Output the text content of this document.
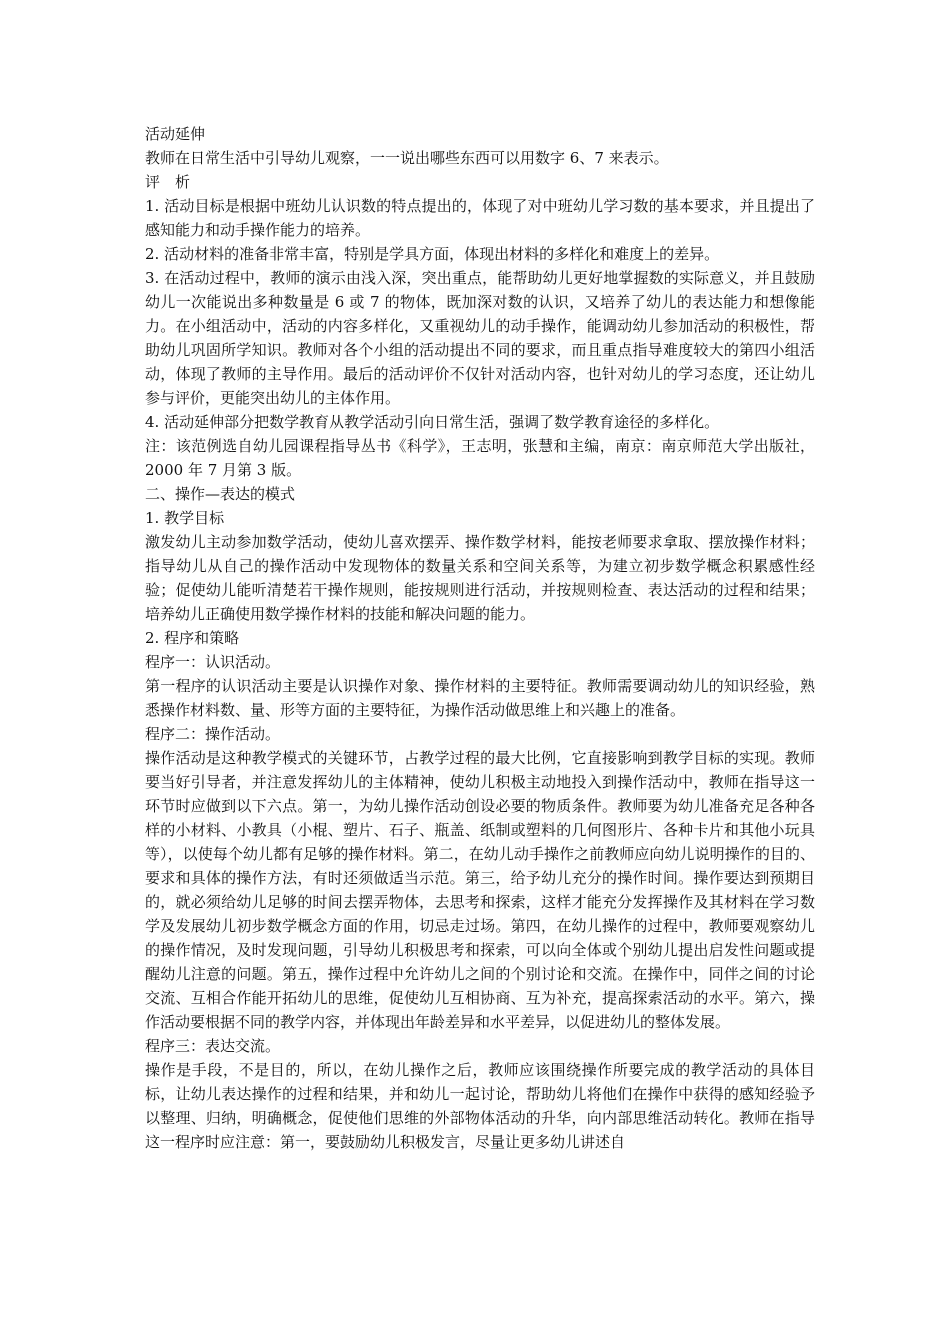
活动延伸

教师在日常生活中引导幼儿观察，一一说出哪些东西可以用数字 6、7 来表示。

评　析

1. 活动目标是根据中班幼儿认识数的特点提出的，体现了对中班幼儿学习数的基本要求，并且提出了感知能力和动手操作能力的培养。

2. 活动材料的准备非常丰富，特别是学具方面，体现出材料的多样化和难度上的差异。

3. 在活动过程中，教师的演示由浅入深，突出重点，能帮助幼儿更好地掌握数的实际意义，并且鼓励幼儿一次能说出多种数量是 6 或 7 的物体，既加深对数的认识，又培养了幼儿的表达能力和想像能力。在小组活动中，活动的内容多样化，又重视幼儿的动手操作，能调动幼儿参加活动的积极性，帮助幼儿巩固所学知识。教师对各个小组的活动提出不同的要求，而且重点指导难度较大的第四小组活动，体现了教师的主导作用。最后的活动评价不仅针对活动内容，也针对幼儿的学习态度，还让幼儿参与评价，更能突出幼儿的主体作用。

4. 活动延伸部分把数学教育从教学活动引向日常生活，强调了数学教育途径的多样化。

注：该范例选自幼儿园课程指导丛书《科学》，王志明，张慧和主编，南京：南京师范大学出版社，2000 年 7 月第 3 版。

二、操作—表达的模式

1. 教学目标

激发幼儿主动参加数学活动，使幼儿喜欢摆弄、操作数学材料，能按老师要求拿取、摆放操作材料；指导幼儿从自己的操作活动中发现物体的数量关系和空间关系等，为建立初步数学概念积累感性经验；促使幼儿能听清楚若干操作规则，能按规则进行活动，并按规则检查、表达活动的过程和结果；培养幼儿正确使用数学操作材料的技能和解决问题的能力。

2. 程序和策略

程序一：认识活动。

第一程序的认识活动主要是认识操作对象、操作材料的主要特征。教师需要调动幼儿的知识经验，熟悉操作材料数、量、形等方面的主要特征，为操作活动做思维上和兴趣上的准备。

程序二：操作活动。

操作活动是这种教学模式的关键环节，占教学过程的最大比例，它直接影响到教学目标的实现。教师要当好引导者，并注意发挥幼儿的主体精神，使幼儿积极主动地投入到操作活动中，教师在指导这一环节时应做到以下六点。第一，为幼儿操作活动创设必要的物质条件。教师要为幼儿准备充足各种各样的小材料、小教具（小棍、塑片、石子、瓶盖、纸制或塑料的几何图形片、各种卡片和其他小玩具等），以使每个幼儿都有足够的操作材料。第二，在幼儿动手操作之前教师应向幼儿说明操作的目的、要求和具体的操作方法，有时还须做适当示范。第三，给予幼儿充分的操作时间。操作要达到预期目的，就必须给幼儿足够的时间去摆弄物体，去思考和探索，这样才能充分发挥操作及其材料在学习数学及发展幼儿初步数学概念方面的作用，切忌走过场。第四，在幼儿操作的过程中，教师要观察幼儿的操作情况，及时发现问题，引导幼儿积极思考和探索，可以向全体或个别幼儿提出启发性问题或提醒幼儿注意的问题。第五，操作过程中允许幼儿之间的个别讨论和交流。在操作中，同伴之间的讨论交流、互相合作能开拓幼儿的思维，促使幼儿互相协商、互为补充，提高探索活动的水平。第六，操作活动要根据不同的教学内容，并体现出年龄差异和水平差异，以促进幼儿的整体发展。

程序三：表达交流。

操作是手段，不是目的，所以，在幼儿操作之后，教师应该围绕操作所要完成的教学活动的具体目标，让幼儿表达操作的过程和结果，并和幼儿一起讨论，帮助幼儿将他们在操作中获得的感知经验予以整理、归纳，明确概念，促使他们思维的外部物体活动的升华，向内部思维活动转化。教师在指导这一程序时应注意：第一，要鼓励幼儿积极发言，尽量让更多幼儿讲述自
